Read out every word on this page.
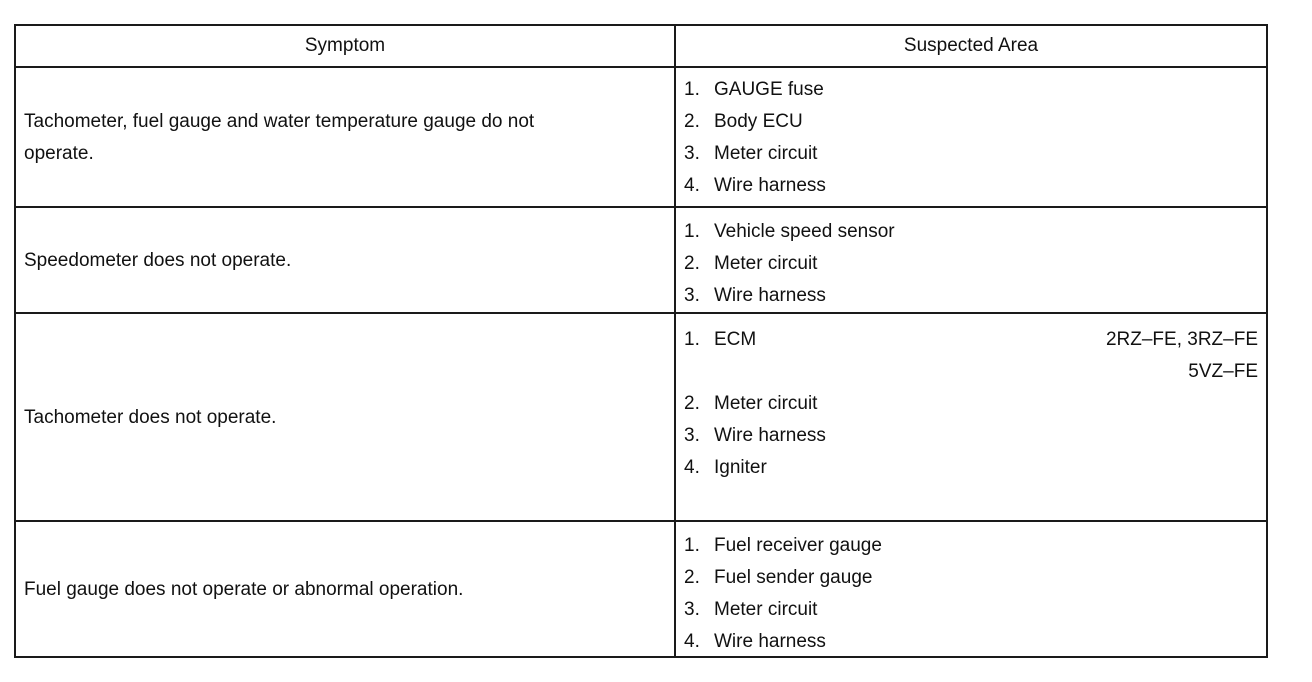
Symptom	Suspected Area
Tachometer, fuel gauge and water temperature gauge do not operate.
1. GAUGE fuse
2. Body ECU
3. Meter circuit
4. Wire harness
Speedometer does not operate.
1. Vehicle speed sensor
2. Meter circuit
3. Wire harness
Tachometer does not operate.
1. ECM	2RZ–FE, 3RZ–FE
5VZ–FE
2. Meter circuit
3. Wire harness
4. Igniter
Fuel gauge does not operate or abnormal operation.
1. Fuel receiver gauge
2. Fuel sender gauge
3. Meter circuit
4. Wire harness
